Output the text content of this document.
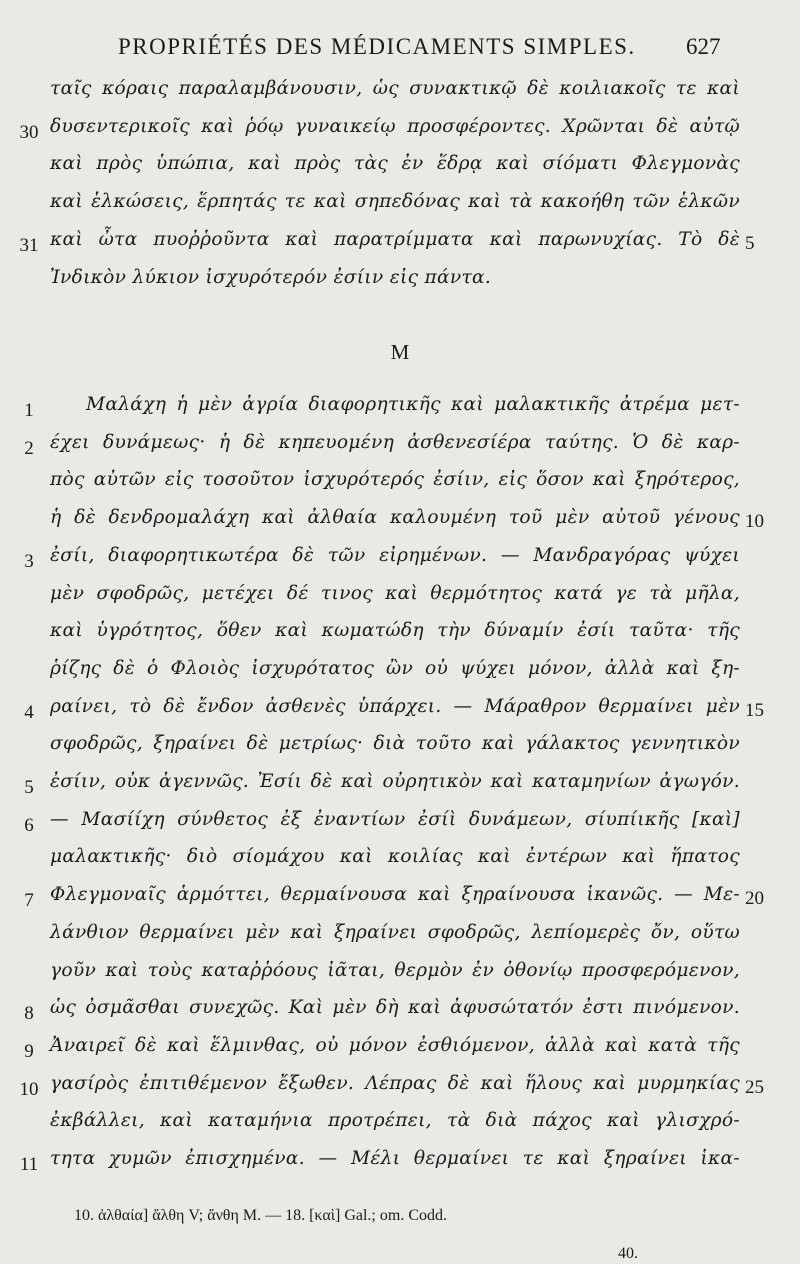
PROPRIÉTÉS DES MÉDICAMENTS SIMPLES. 627
ταῖς κόραις παραλαμβάνουσιν, ὡς συνακτικῷ δὲ κοιλιακοῖς τε καὶ
30 δυσεντερικοῖς καὶ ῥόῳ γυναικείῳ προσφέροντες. Χρῶνται δὲ αὐτῷ
καὶ πρὸς ὑπώπια, καὶ πρὸς τὰς ἐν ἕδρᾳ καὶ σίόματι Φλεγμονὰς
καὶ ἑλκώσεις, ἕρπητάς τε καὶ σηπεδόνας καὶ τὰ κακοήθη τῶν ἑλκῶν
31 καὶ ὦτα πυοῤῥοῦντα καὶ παρατρίμματα καὶ παρωνυχίας. Τὸ δὲ 5
Ἰνδικὸν λύκιον ἰσχυρότερόν ἐσίιν εἰς πάντα.
M
1	Μαλάχη ἡ μὲν ἀγρία διαφορητικῆς καὶ μαλακτικῆς ἀτρέμα μετ-
2 έχει δυνάμεως· ἡ δὲ κηπευομένη ἀσθενεσίέρα ταύτης. Ὁ δὲ καρ-
πὸς αὐτῶν εἰς τοσοῦτον ἰσχυρότερός ἐσίιν, εἰς ὅσον καὶ ξηρότερος,
ἡ δὲ δενδρομαλάχη καὶ ἀλθαία καλουμένη τοῦ μὲν αὐτοῦ γένους 10
3 ἐσίι, διαφορητικωτέρα δὲ τῶν εἰρημένων. — Μανδραγόρας ψύχει
μὲν σφοδρῶς, μετέχει δέ τινος καὶ θερμότητος κατά γε τὰ μῆλα,
καὶ ὑγρότητος, ὅθεν καὶ κωματώδη τὴν δύναμίν ἐσίι ταῦτα· τῆς
ῥίζης δὲ ὁ Φλοιὸς ἰσχυρότατος ὢν οὐ ψύχει μόνον, ἀλλὰ καὶ ξη-
4 ραίνει, τὸ δὲ ἔνδον ἀσθενὲς ὑπάρχει. — Μάραθρον θερμαίνει μὲν 15
σφοδρῶς, ξηραίνει δὲ μετρίως· διὰ τοῦτο καὶ γάλακτος γεννητικὸν
5 ἐσίιν, οὐκ ἀγεννῶς. Ἐσίι δὲ καὶ οὐρητικὸν καὶ καταμηνίων ἀγωγόν.
6 — Μασίίχη σύνθετος ἐξ ἐναντίων ἐσίὶ δυνάμεων, σίυπίικῆς [καὶ]
μαλακτικῆς· διὸ σίομάχου καὶ κοιλίας καὶ ἐντέρων καὶ ἥπατος
7 Φλεγμοναῖς ἁρμόττει, θερμαίνουσα καὶ ξηραίνουσα ἱκανῶς. — Με- 20
λάνθιον θερμαίνει μὲν καὶ ξηραίνει σφοδρῶς, λεπίομερὲς ὄν, οὕτω
γοῦν καὶ τοὺς καταῤῥόους ἰᾶται, θερμὸν ἐν ὀθονίῳ προσφερόμενον,
8 ὡς ὀσμᾶσθαι συνεχῶς. Καὶ μὲν δὴ καὶ ἀφυσώτατόν ἐστι πινόμενον.
9 Ἀναιρεῖ δὲ καὶ ἕλμινθας, οὐ μόνον ἐσθιόμενον, ἀλλὰ καὶ κατὰ τῆς
10 γασίρὸς ἐπιτιθέμενον ἔξωθεν. Λέπρας δὲ καὶ ἥλους καὶ μυρμηκίας 25
ἐκβάλλει, καὶ καταμήνια προτρέπει, τὰ διὰ πάχος καὶ γλισχρό-
11 τητα χυμῶν ἐπισχημένα. — Μέλι θερμαίνει τε καὶ ξηραίνει ἱκα-
10. ἀλθαία] ἄλθη V; ἄνθη M. — 18. [καὶ] Gal.; om. Codd.
40.
